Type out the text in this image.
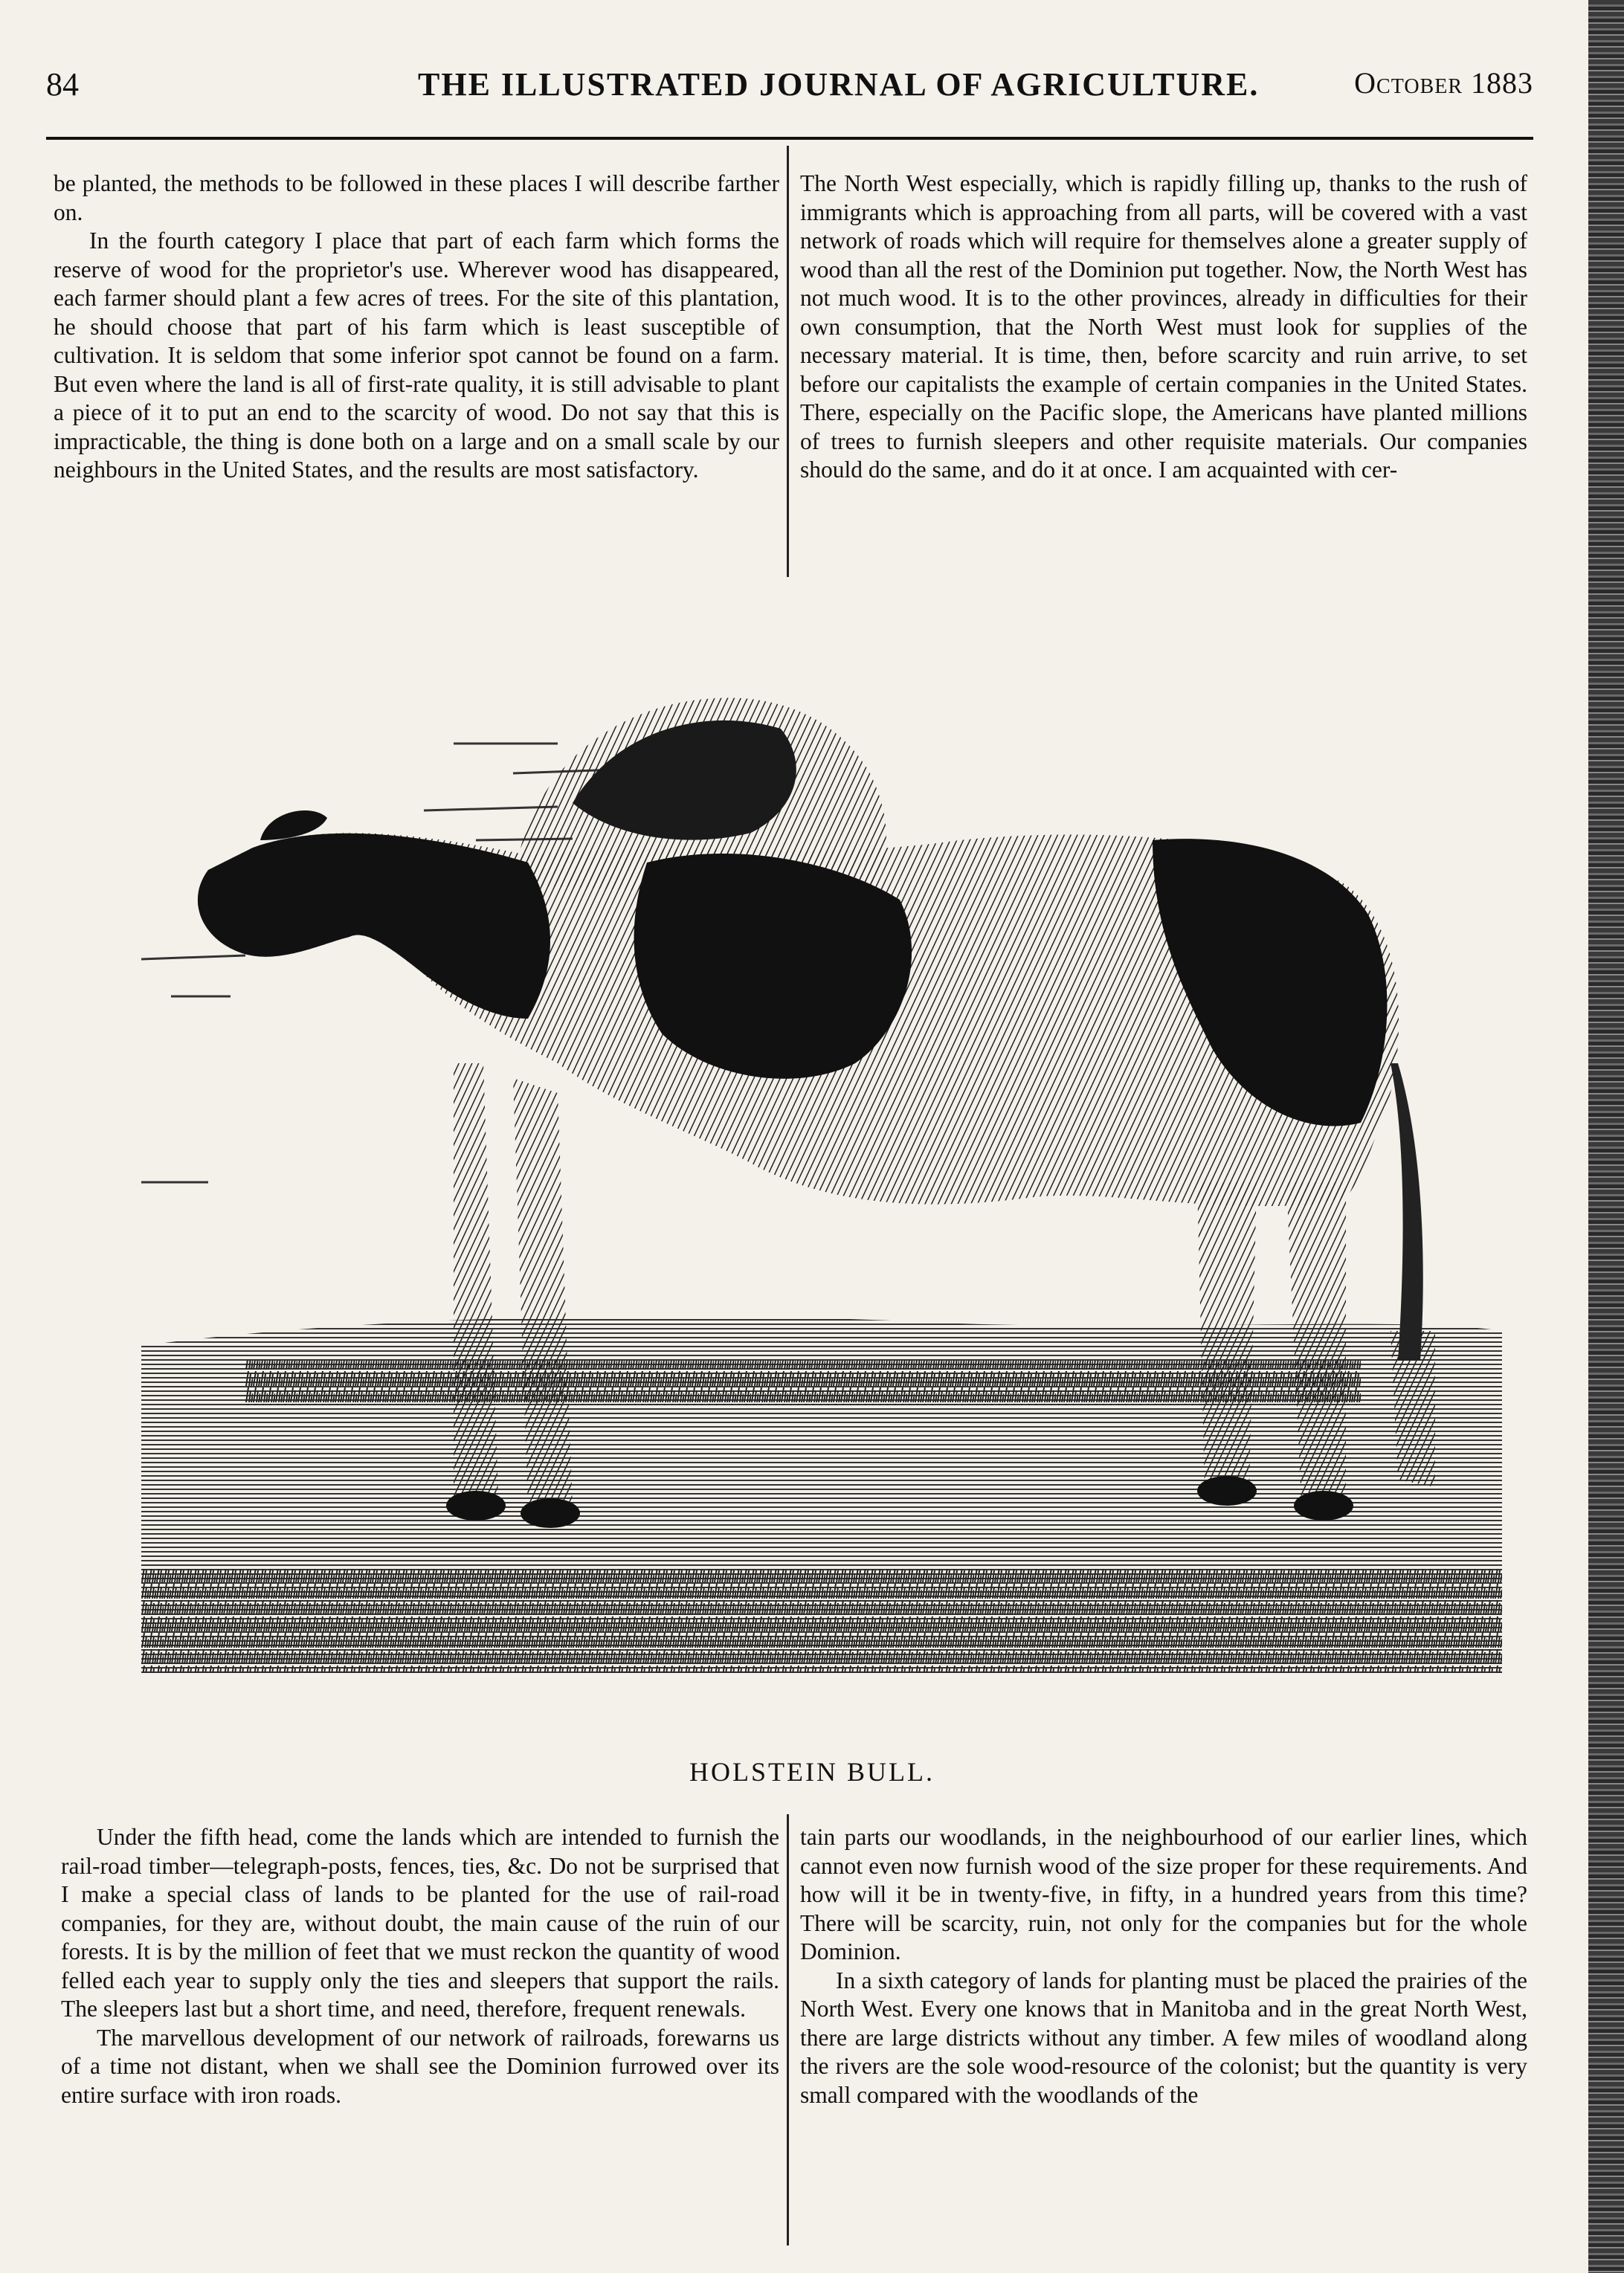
84	THE ILLUSTRATED JOURNAL OF AGRICULTURE.	October 1883

be planted, the methods to be followed in these places I will describe farther on.

In the fourth category I place that part of each farm which forms the reserve of wood for the proprietor's use. Wherever wood has disappeared, each farmer should plant a few acres of trees. For the site of this plantation, he should choose that part of his farm which is least susceptible of cultivation. It is seldom that some inferior spot cannot be found on a farm. But even where the land is all of first-rate quality, it is still advisable to plant a piece of it to put an end to the scarcity of wood. Do not say that this is impracticable, the thing is done both on a large and on a small scale by our neighbours in the United States, and the results are most satisfactory.

The North West especially, which is rapidly filling up, thanks to the rush of immigrants which is approaching from all parts, will be covered with a vast network of roads which will require for themselves alone a greater supply of wood than all the rest of the Dominion put together. Now, the North West has not much wood. It is to the other provinces, already in difficulties for their own consumption, that the North West must look for supplies of the necessary material. It is time, then, before scarcity and ruin arrive, to set before our capitalists the example of certain companies in the United States. There, especially on the Pacific slope, the Americans have planted millions of trees to furnish sleepers and other requisite materials. Our companies should do the same, and do it at once. I am acquainted with cer-

HOLSTEIN BULL.

Under the fifth head, come the lands which are intended to furnish the rail-road timber—telegraph-posts, fences, ties, &c. Do not be surprised that I make a special class of lands to be planted for the use of rail-road companies, for they are, without doubt, the main cause of the ruin of our forests. It is by the million of feet that we must reckon the quantity of wood felled each year to supply only the ties and sleepers that support the rails. The sleepers last but a short time, and need, therefore, frequent renewals.

The marvellous development of our network of railroads, forewarns us of a time not distant, when we shall see the Dominion furrowed over its entire surface with iron roads.

tain parts our woodlands, in the neighbourhood of our earlier lines, which cannot even now furnish wood of the size proper for these requirements. And how will it be in twenty-five, in fifty, in a hundred years from this time? There will be scarcity, ruin, not only for the companies but for the whole Dominion.

In a sixth category of lands for planting must be placed the prairies of the North West. Every one knows that in Manitoba and in the great North West, there are large districts without any timber. A few miles of woodland along the rivers are the sole wood-resource of the colonist; but the quantity is very small compared with the woodlands of the
